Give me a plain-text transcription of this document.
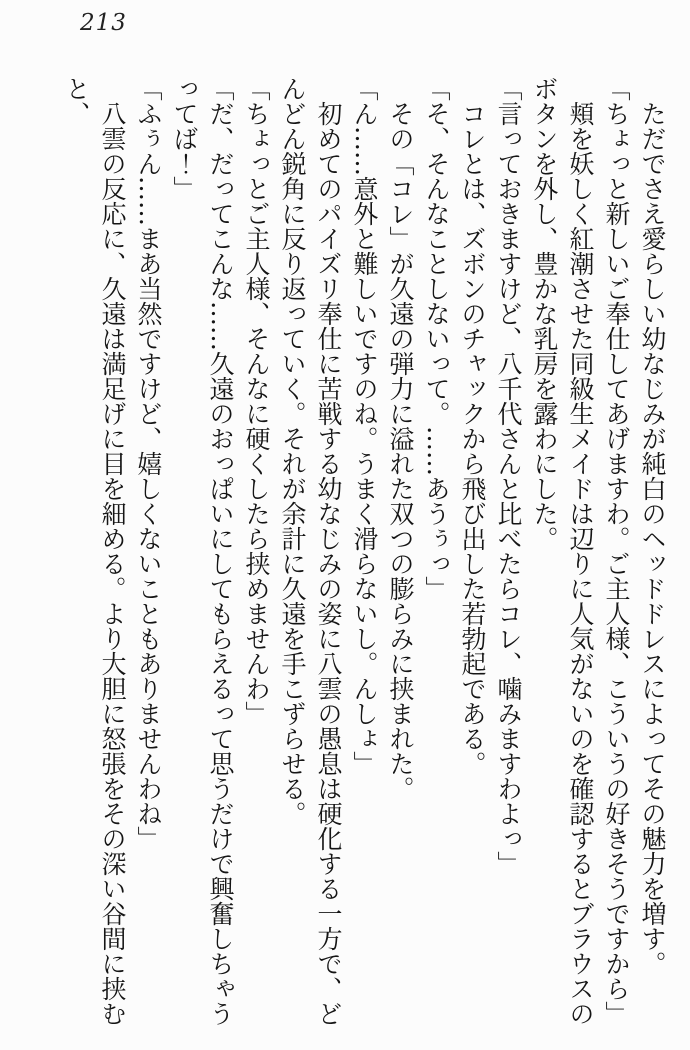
213
ただでさえ愛らしい幼なじみが純白のヘッドドレスによってその魅力を増す。
「ちょっと新しいご奉仕してあげますわ。ご主人様、こういうの好きそうですから」
頬を妖しく紅潮させた同級生メイドは辺りに人気がないのを確認するとブラウスの
ボタンを外し、豊かな乳房を露わにした。
「言っておきますけど、八千代さんと比べたらコレ、噛みますわよっ」
コレとは、ズボンのチャックから飛び出した若勃起である。
「そ、そんなことしないって。……あうぅっ」
その「コレ」が久遠の弾力に溢れた双つの膨らみに挟まれた。
「ん……意外と難しいですのね。うまく滑らないし。んしょ」
初めてのパイズリ奉仕に苦戦する幼なじみの姿に八雲の愚息は硬化する一方で、ど
んどん鋭角に反り返っていく。それが余計に久遠を手こずらせる。
「ちょっとご主人様、そんなに硬くしたら挟めませんわ」
「だ、だってこんな……久遠のおっぱいにしてもらえるって思うだけで興奮しちゃう
ってば！」
「ふぅん……まあ当然ですけど、嬉しくないこともありませんわね」
八雲の反応に、久遠は満足げに目を細める。より大胆に怒張をその深い谷間に挟む
と、
